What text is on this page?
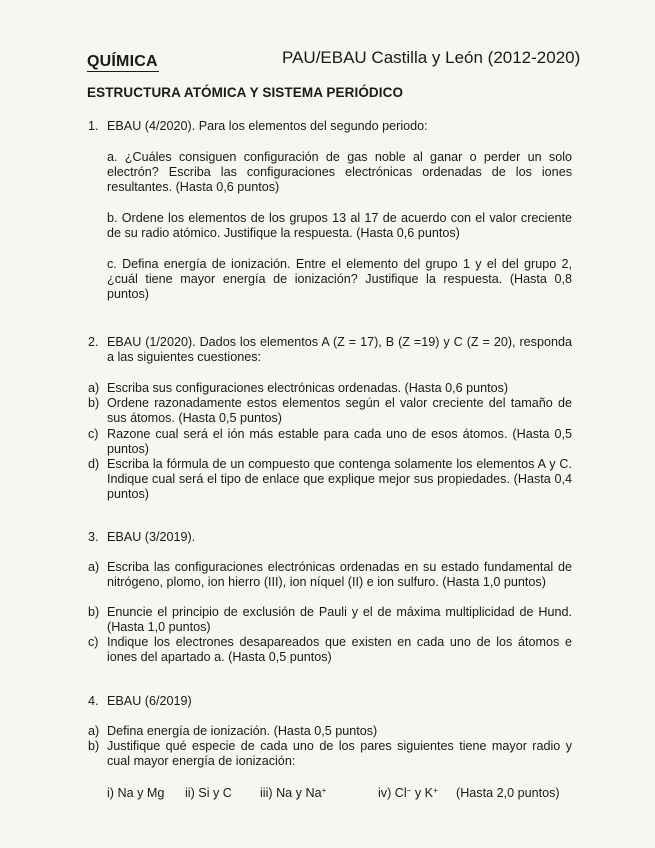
QUÍMICA	PAU/EBAU Castilla y León (2012-2020)
ESTRUCTURA ATÓMICA Y SISTEMA PERIÓDICO
1. EBAU (4/2020). Para los elementos del segundo periodo:
a. ¿Cuáles consiguen configuración de gas noble al ganar o perder un solo electrón? Escriba las configuraciones electrónicas ordenadas de los iones resultantes. (Hasta 0,6 puntos)
b. Ordene los elementos de los grupos 13 al 17 de acuerdo con el valor creciente de su radio atómico. Justifique la respuesta. (Hasta 0,6 puntos)
c. Defina energía de ionización. Entre el elemento del grupo 1 y el del grupo 2, ¿cuál tiene mayor energía de ionización? Justifique la respuesta. (Hasta 0,8 puntos)
2. EBAU (1/2020). Dados los elementos A (Z = 17), B (Z =19) y C (Z = 20), responda a las siguientes cuestiones:
a) Escriba sus configuraciones electrónicas ordenadas. (Hasta 0,6 puntos)
b) Ordene razonadamente estos elementos según el valor creciente del tamaño de sus átomos. (Hasta 0,5 puntos)
c) Razone cual será el ión más estable para cada uno de esos átomos. (Hasta 0,5 puntos)
d) Escriba la fórmula de un compuesto que contenga solamente los elementos A y C. Indique cual será el tipo de enlace que explique mejor sus propiedades. (Hasta 0,4 puntos)
3. EBAU (3/2019).
a) Escriba las configuraciones electrónicas ordenadas en su estado fundamental de nitrógeno, plomo, ion hierro (III), ion níquel (II) e ion sulfuro. (Hasta 1,0 puntos)
b) Enuncie el principio de exclusión de Pauli y el de máxima multiplicidad de Hund. (Hasta 1,0 puntos)
c) Indique los electrones desapareados que existen en cada uno de los átomos e iones del apartado a. (Hasta 0,5 puntos)
4. EBAU (6/2019)
a) Defina energía de ionización. (Hasta 0,5 puntos)
b) Justifique qué especie de cada uno de los pares siguientes tiene mayor radio y cual mayor energía de ionización:
i) Na y Mg ii) Si y C iii) Na y Na+	iv) Cl− y K+ (Hasta 2,0 puntos)
